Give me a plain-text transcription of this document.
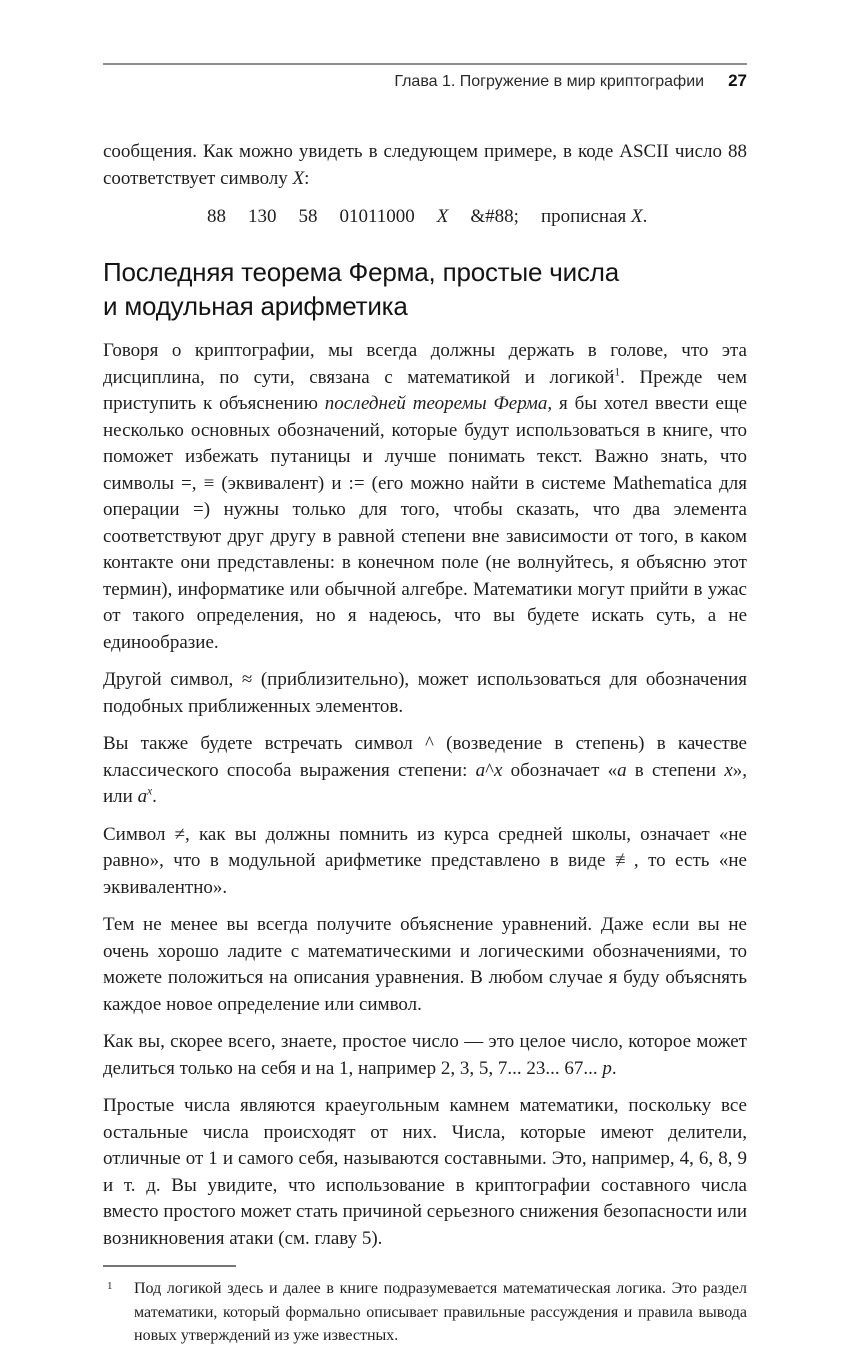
Глава 1. Погружение в мир криптографии 27

сообщения. Как можно увидеть в следующем примере, в коде ASCII число 88 соответствует символу X:

88 130 58 01011000 X &#88; прописная X.
Последняя теорема Ферма, простые числа
и модульная арифметика

Говоря о криптографии, мы всегда должны держать в голове, что эта дисциплина, по сути, связана с математикой и логикой$^1$. Прежде чем приступить к объяснению последней теоремы Ферма, я бы хотел ввести еще несколько основных обозначений, которые будут использоваться в книге, что поможет избежать путаницы и лучше понимать текст. Важно знать, что символы =, ≡ (эквивалент) и := (его можно найти в системе Mathematica для операции =) нужны только для того, чтобы сказать, что два элемента соответствуют друг другу в равной степени вне зависимости от того, в каком контакте они представлены: в конечном поле (не волнуйтесь, я объясню этот термин), информатике или обычной алгебре. Математики могут прийти в ужас от такого определения, но я надеюсь, что вы будете искать суть, а не единообразие.

Другой символ, ≈ (приблизительно), может использоваться для обозначения подобных приближенных элементов.

Вы также будете встречать символ ^ (возведение в степень) в качестве классического способа выражения степени: a^x обозначает «a в степени x», или $a^x$.

Символ ≠, как вы должны помнить из курса средней школы, означает «не равно», что в модульной арифметике представлено в виде ≢, то есть «не эквивалентно».

Тем не менее вы всегда получите объяснение уравнений. Даже если вы не очень хорошо ладите с математическими и логическими обозначениями, то можете положиться на описания уравнения. В любом случае я буду объяснять каждое новое определение или символ.

Как вы, скорее всего, знаете, простое число — это целое число, которое может делиться только на себя и на 1, например 2, 3, 5, 7... 23... 67... p.

Простые числа являются краеугольным камнем математики, поскольку все остальные числа происходят от них. Числа, которые имеют делители, отличные от 1 и самого себя, называются составными. Это, например, 4, 6, 8, 9 и т. д. Вы увидите, что использование в криптографии составного числа вместо простого может стать причиной серьезного снижения безопасности или возникновения атаки (см. главу 5).

1	Под логикой здесь и далее в книге подразумевается математическая логика. Это раздел математики, который формально описывает правильные рассуждения и правила вывода новых утверждений из уже известных.
